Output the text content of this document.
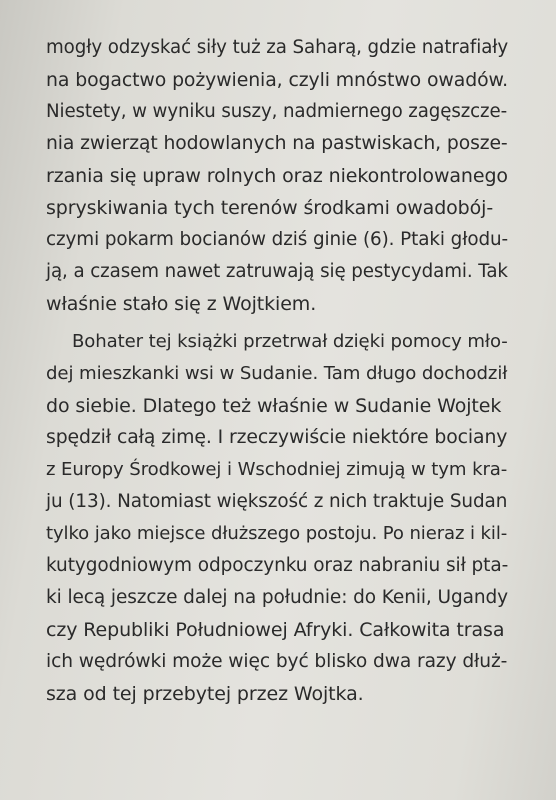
mogły odzyskać siły tuż za Saharą, gdzie natrafiały
na bogactwo pożywienia, czyli mnóstwo owadów.
Niestety, w wyniku suszy, nadmiernego zagęszcze-
nia zwierząt hodowlanych na pastwiskach, posze-
rzania się upraw rolnych oraz niekontrolowanego
spryskiwania tych terenów środkami owadobój-
czymi pokarm bocianów dziś ginie (6). Ptaki głodu-
ją, a czasem nawet zatruwają się pestycydami. Tak
właśnie stało się z Wojtkiem.
Bohater tej książki przetrwał dzięki pomocy mło-
dej mieszkanki wsi w Sudanie. Tam długo dochodził
do siebie. Dlatego też właśnie w Sudanie Wojtek
spędził całą zimę. I rzeczywiście niektóre bociany
z Europy Środkowej i Wschodniej zimują w tym kra-
ju (13). Natomiast większość z nich traktuje Sudan
tylko jako miejsce dłuższego postoju. Po nieraz i kil-
kutygodniowym odpoczynku oraz nabraniu sił pta-
ki lecą jeszcze dalej na południe: do Kenii, Ugandy
czy Republiki Południowej Afryki. Całkowita trasa
ich wędrówki może więc być blisko dwa razy dłuż-
sza od tej przebytej przez Wojtka.
